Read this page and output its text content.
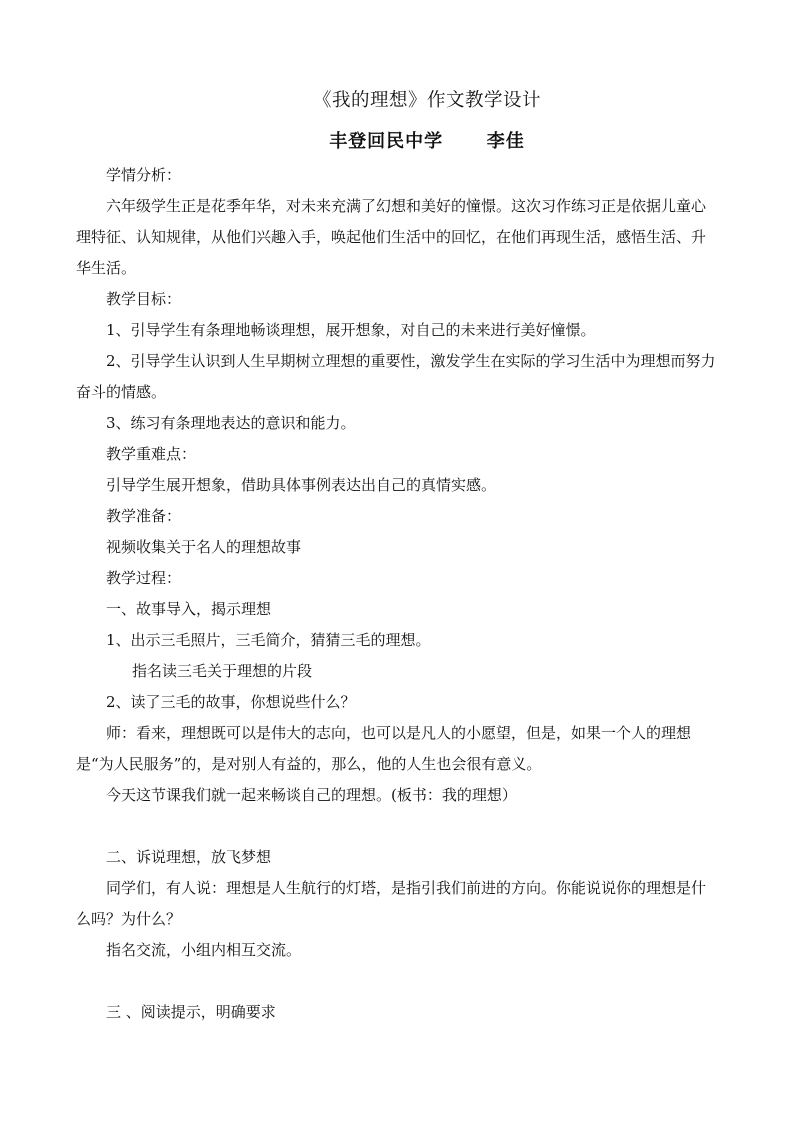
《我的理想》作文教学设计
丰登回民中学      李佳

学情分析：

六年级学生正是花季年华，对未来充满了幻想和美好的憧憬。这次习作练习正是依据儿童心理特征、认知规律，从他们兴趣入手，唤起他们生活中的回忆，在他们再现生活，感悟生活、升华生活。

教学目标：

1、引导学生有条理地畅谈理想，展开想象，对自己的未来进行美好憧憬。

2、引导学生认识到人生早期树立理想的重要性，激发学生在实际的学习生活中为理想而努力奋斗的情感。

3、练习有条理地表达的意识和能力。

教学重难点：

引导学生展开想象，借助具体事例表达出自己的真情实感。

教学准备：

视频收集关于名人的理想故事

教学过程：

一、故事导入，揭示理想

1、出示三毛照片，三毛简介，猜猜三毛的理想。

指名读三毛关于理想的片段

2、读了三毛的故事，你想说些什么？

师：看来，理想既可以是伟大的志向，也可以是凡人的小愿望，但是，如果一个人的理想是“为人民服务”的，是对别人有益的，那么，他的人生也会很有意义。

今天这节课我们就一起来畅谈自己的理想。(板书：我的理想）

二、诉说理想，放飞梦想

同学们，有人说：理想是人生航行的灯塔，是指引我们前进的方向。你能说说你的理想是什么吗？为什么？

指名交流，小组内相互交流。

三 、阅读提示，明确要求
